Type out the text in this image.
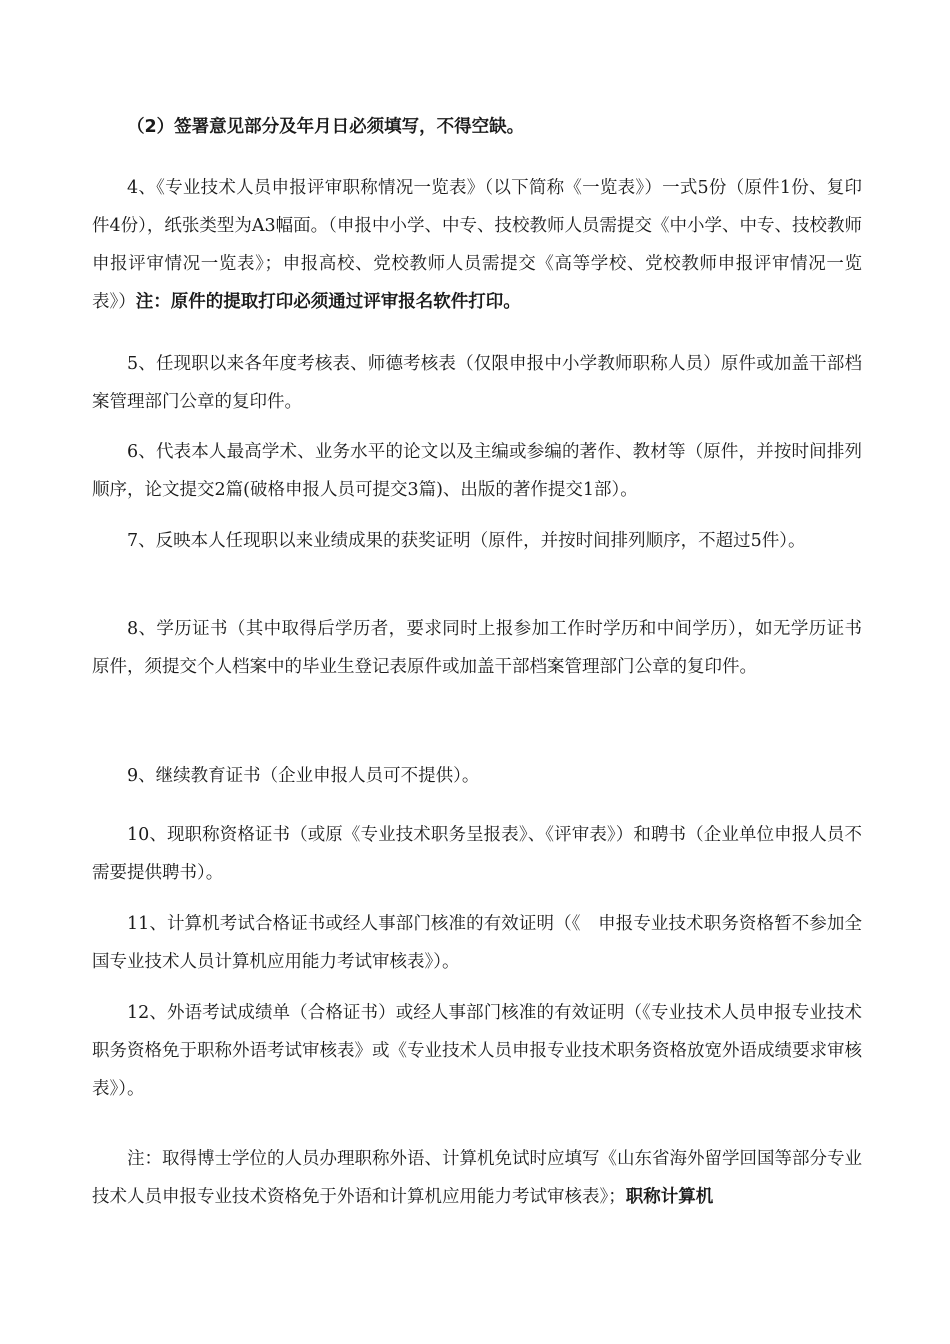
（2）签署意见部分及年月日必须填写，不得空缺。

4、《专业技术人员申报评审职称情况一览表》（以下简称《一览表》）一式5份（原件1份、复印件4份），纸张类型为A3幅面。（申报中小学、中专、技校教师人员需提交《中小学、中专、技校教师申报评审情况一览表》；申报高校、党校教师人员需提交《高等学校、党校教师申报评审情况一览表》）注：原件的提取打印必须通过评审报名软件打印。

5、任现职以来各年度考核表、师德考核表（仅限申报中小学教师职称人员）原件或加盖干部档案管理部门公章的复印件。

6、代表本人最高学术、业务水平的论文以及主编或参编的著作、教材等（原件，并按时间排列顺序，论文提交2篇(破格申报人员可提交3篇)、出版的著作提交1部）。

7、反映本人任现职以来业绩成果的获奖证明（原件，并按时间排列顺序，不超过5件）。

8、学历证书（其中取得后学历者，要求同时上报参加工作时学历和中间学历），如无学历证书原件，须提交个人档案中的毕业生登记表原件或加盖干部档案管理部门公章的复印件。

9、继续教育证书（企业申报人员可不提供）。

10、现职称资格证书（或原《专业技术职务呈报表》、《评审表》）和聘书（企业单位申报人员不需要提供聘书）。

11、计算机考试合格证书或经人事部门核准的有效证明（《　申报专业技术职务资格暂不参加全国专业技术人员计算机应用能力考试审核表》）。

12、外语考试成绩单（合格证书）或经人事部门核准的有效证明（《专业技术人员申报专业技术职务资格免于职称外语考试审核表》或《专业技术人员申报专业技术职务资格放宽外语成绩要求审核表》）。

注：取得博士学位的人员办理职称外语、计算机免试时应填写《山东省海外留学回国等部分专业技术人员申报专业技术资格免于外语和计算机应用能力考试审核表》；职称计算机
